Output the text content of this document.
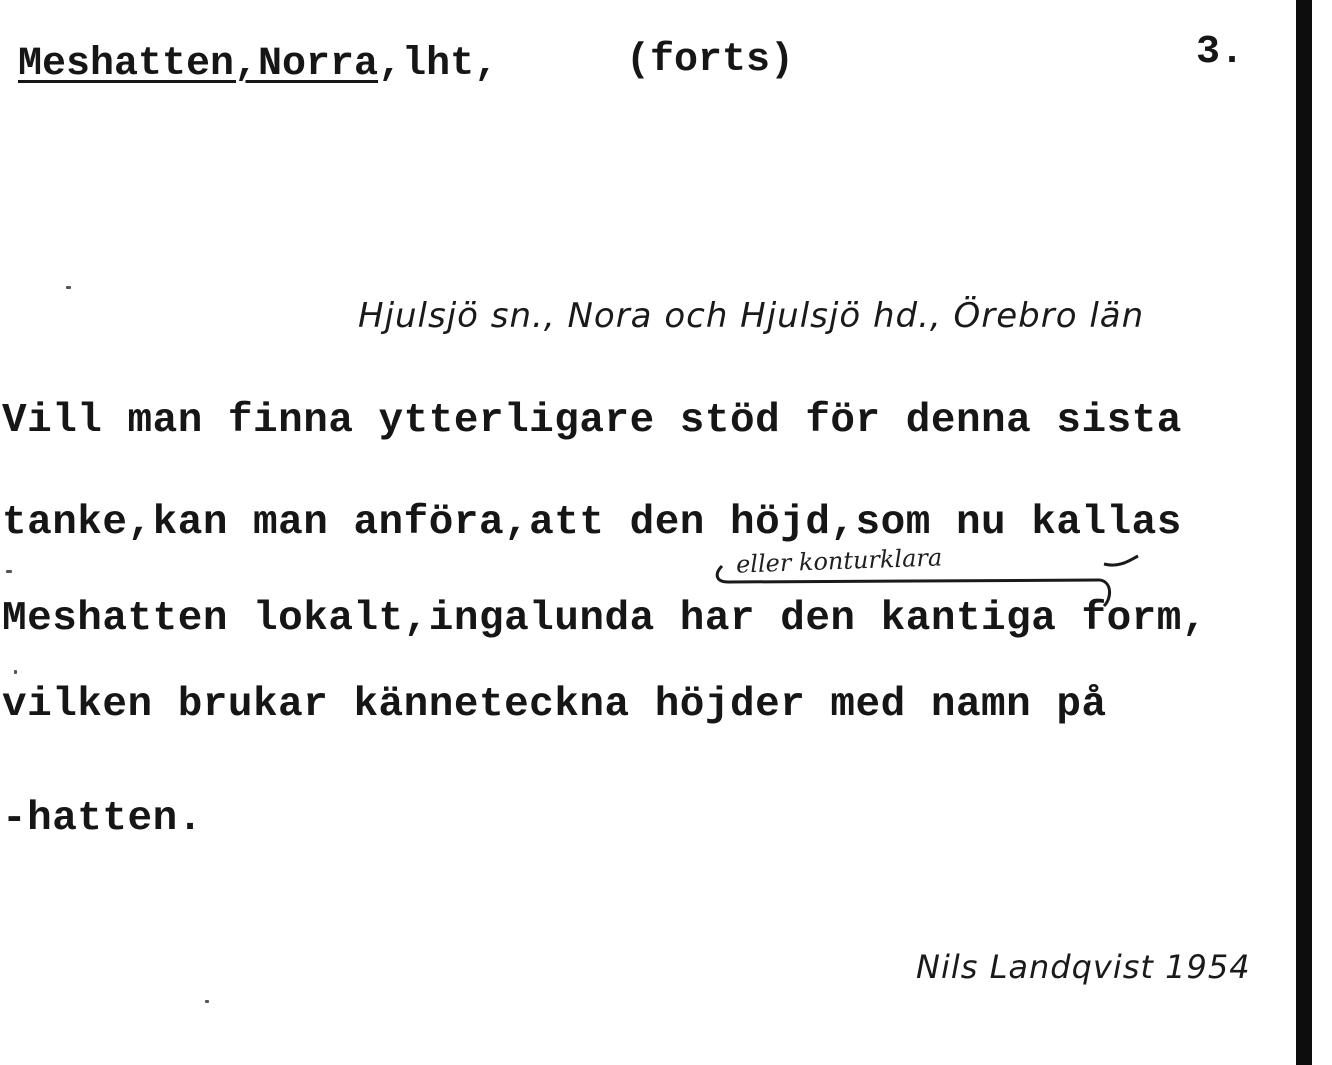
Meshatten,Norra,lht,	(forts)	3.
Hjulsjö sn., Nora och Hjulsjö hd., Örebro län
Vill man finna ytterligare stöd för denna sista
tanke,kan man anföra,att den höjd,som nu kallas
Meshatten lokalt,ingalunda har den kantiga form,
vilken brukar känneteckna höjder med namn på
-hatten.
eller konturklara
Nils Landqvist 1954
